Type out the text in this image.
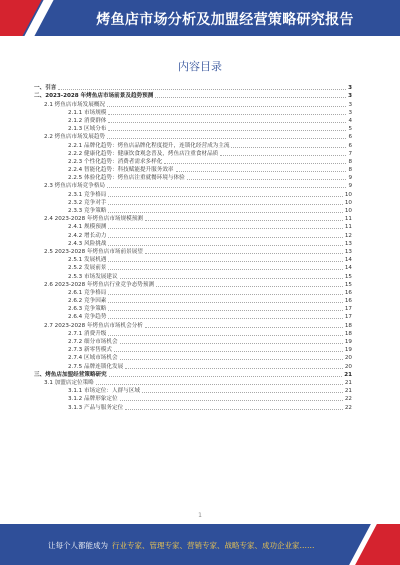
烤鱼店市场分析及加盟经营策略研究报告
内容目录
一、引言	3
二、2023-2028 年烤鱼店市场前景及趋势预测	3
2.1 烤鱼店市场发展概况	3
2.1.1 市场规模	3
2.1.2 消费群体	4
2.1.3 区域分布	5
2.2 烤鱼店市场发展趋势	6
2.2.1 品牌化趋势：烤鱼店品牌化程度提升，连锁化经营成为主流	6
2.2.2 健康化趋势：健康饮食观念普及，烤鱼店注重食材品质	7
2.2.3 个性化趋势：消费者需求多样化	8
2.2.4 智能化趋势：科技赋能提升服务效率	8
2.2.5 体验化趋势：烤鱼店注重就餐环境与体验	9
2.3 烤鱼店市场竞争格局	9
2.3.1 竞争格局	10
2.3.2 竞争对手	10
2.3.3 竞争策略	10
2.4 2023-2028 年烤鱼店市场规模预测	11
2.4.1 规模预测	11
2.4.2 增长动力	12
2.4.3 风险挑战	13
2.5 2023-2028 年烤鱼店市场前景展望	13
2.5.1 发展机遇	14
2.5.2 发展前景	14
2.5.3 市场发展建议	15
2.6 2023-2028 年烤鱼店行业竞争态势预测	15
2.6.1 竞争格局	16
2.6.2 竞争因素	16
2.6.3 竞争策略	17
2.6.4 竞争趋势	17
2.7 2023-2028 年烤鱼店市场机会分析	18
2.7.1 消费升级	18
2.7.2 细分市场机会	19
2.7.3 新零售模式	19
2.7.4 区域市场机会	20
2.7.5 品牌连锁化发展	20
三、烤鱼店加盟经营策略研究	21
3.1 加盟店定位策略	21
3.1.1 市场定位：人群与区域	21
3.1.2 品牌形象定位	22
3.1.3 产品与服务定位	22
1
让每个人都能成为 行业专家、管理专家、营销专家、战略专家、成功企业家……
